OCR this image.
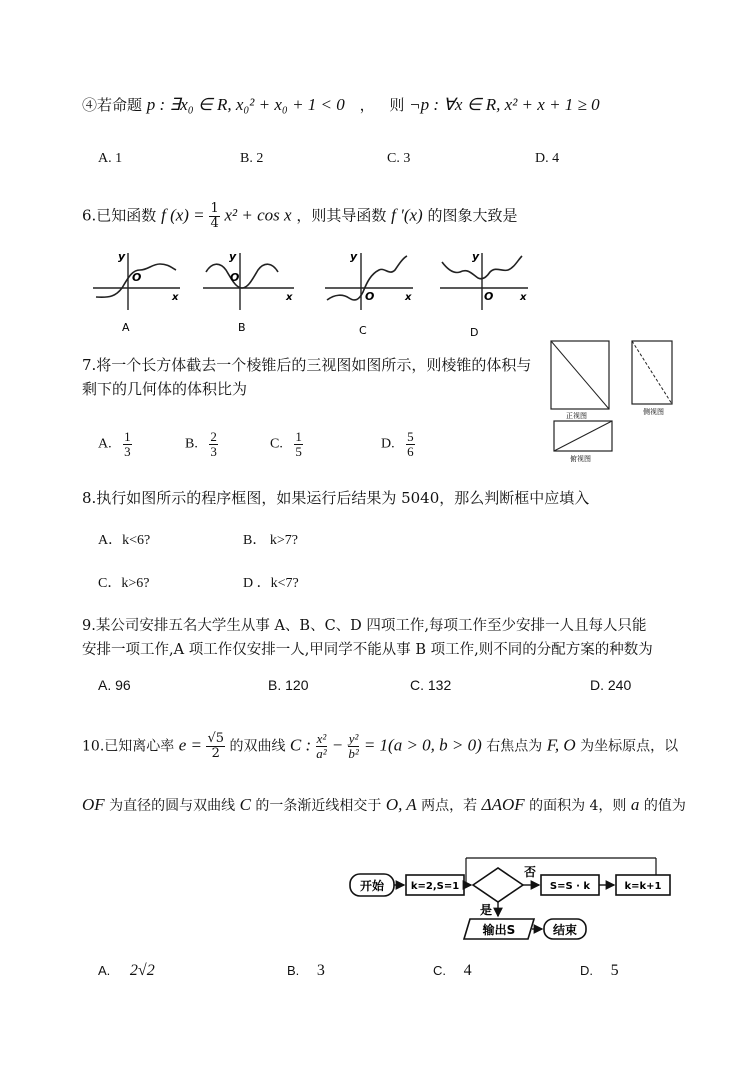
④若命题 p : ∃x₀ ∈ R, x₀² + x₀ + 1 < 0 ， 则 ¬p : ∀x ∈ R, x² + x + 1 ≥ 0
A. 1	B. 2	C. 3	D. 4
6.已知函数 f $(x) = \frac{1}{4} x^2 + \cos x$ ，则其导函数 f ′(x) 的图象大致是
y
O
x
A
y
O
x
B
y
O	x
C
y
O	x
D
7.将一个长方体截去一个棱锥后的三视图如图所示，则棱锥的体积与
剩下的几何体的体积比为
A. $\frac{1}{3}$	B. $\frac{2}{3}$	C. $\frac{1}{5}$	D. $\frac{5}{6}$
正视图	侧视图
俯视图
8.执行如图所示的程序框图，如果运行后结果为 5040，那么判断框中应填入
A．k<6?	B． k>7?
C．k>6?	D ．k<7?
9.某公司安排五名大学生从事 A、B、C、D 四项工作,每项工作至少安排一人且每人只能
安排一项工作,A 项工作仅安排一人,甲同学不能从事 B 项工作,则不同的分配方案的种数为
A. 96	B. 120	C. 132	D. 240
10.已知离心率 $e = \frac{√5}{2}$ 的双曲线 C : $\frac{\text{x²}}{\text{a²}} - \frac{\text{y²}}{\text{b²}} = 1(a > 0$, b > 0) 右焦点为 F, O 为坐标原点，以
OF 为直径的圆与双曲线 C 的一条渐近线相交于 O, A 两点，若 ΔAOF 的面积为 4，则 a 的值为
开始	k=2,S=1
否
S=S · k	k=k+1
是
输出S	结束
A. 2√2	B. 3	C. 4	D. 5
